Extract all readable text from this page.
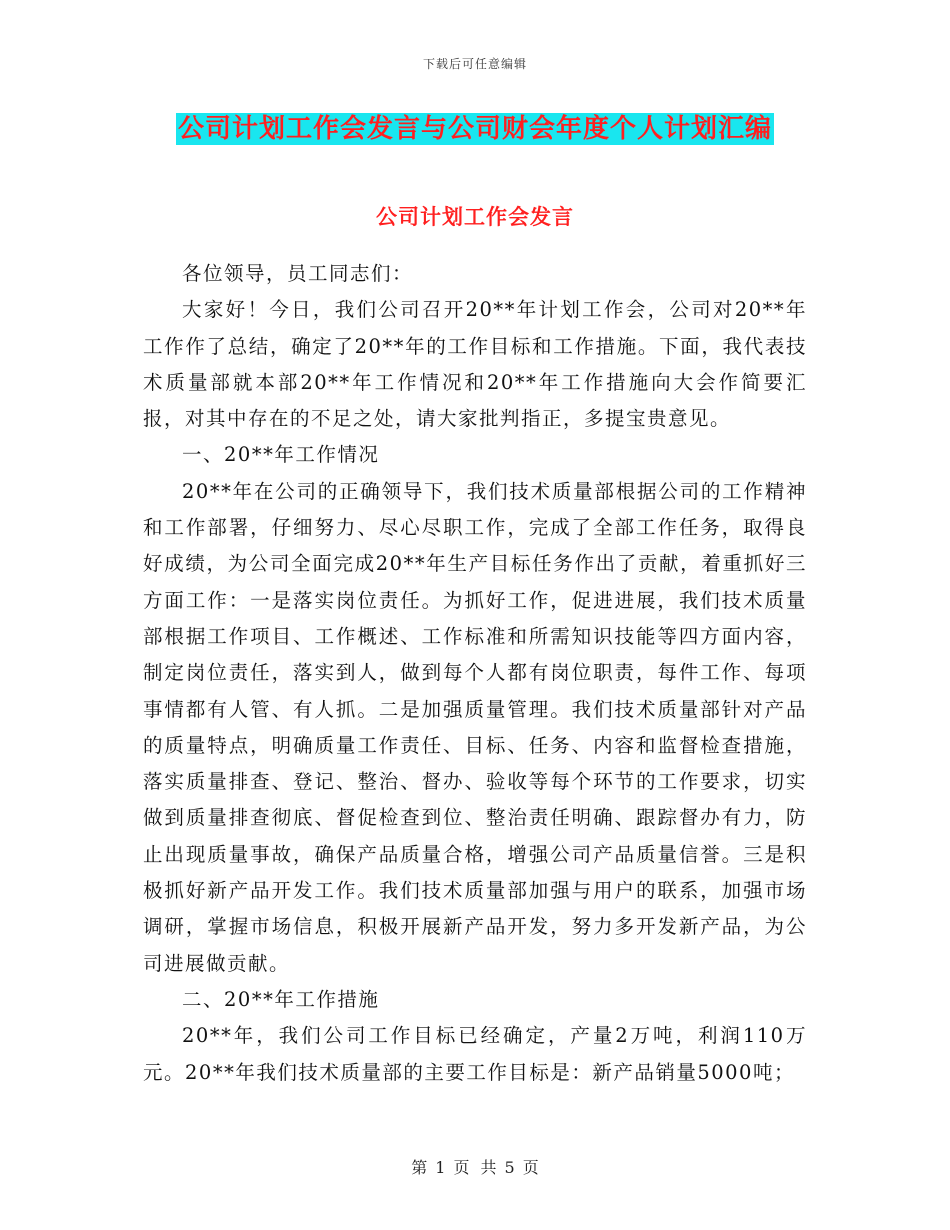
下载后可任意编辑
公司计划工作会发言与公司财会年度个人计划汇编
公司计划工作会发言

各位领导，员工同志们：

大家好！今日，我们公司召开20**年计划工作会，公司对20**年工作作了总结，确定了20**年的工作目标和工作措施。下面，我代表技术质量部就本部20**年工作情况和20**年工作措施向大会作简要汇报，对其中存在的不足之处，请大家批判指正，多提宝贵意见。

一、20**年工作情况

20**年在公司的正确领导下，我们技术质量部根据公司的工作精神和工作部署，仔细努力、尽心尽职工作，完成了全部工作任务，取得良好成绩，为公司全面完成20**年生产目标任务作出了贡献，着重抓好三方面工作：一是落实岗位责任。为抓好工作，促进进展，我们技术质量部根据工作项目、工作概述、工作标准和所需知识技能等四方面内容，制定岗位责任，落实到人，做到每个人都有岗位职责，每件工作、每项事情都有人管、有人抓。二是加强质量管理。我们技术质量部针对产品的质量特点，明确质量工作责任、目标、任务、内容和监督检查措施，落实质量排查、登记、整治、督办、验收等每个环节的工作要求，切实做到质量排查彻底、督促检查到位、整治责任明确、跟踪督办有力，防止出现质量事故，确保产品质量合格，增强公司产品质量信誉。三是积极抓好新产品开发工作。我们技术质量部加强与用户的联系，加强市场调研，掌握市场信息，积极开展新产品开发，努力多开发新产品，为公司进展做贡献。

二、20**年工作措施

20**年，我们公司工作目标已经确定，产量2万吨，利润110万元。20**年我们技术质量部的主要工作目标是：新产品销量5000吨；

第 1 页 共 5 页
